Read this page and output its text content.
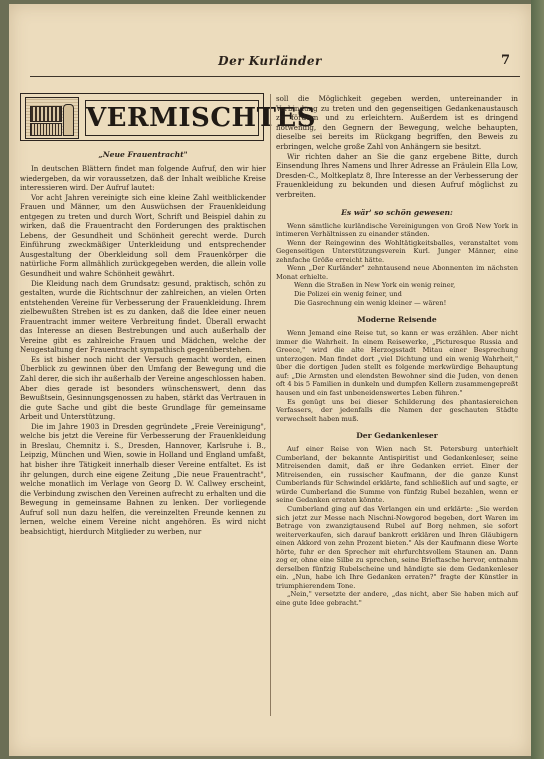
Der Kurländer	7
VERMISCHTES
„Neue Frauentracht"

In deutschen Blättern findet man folgende Aufruf, den wir hier wiedergeben, da wir voraussetzen, daß der Inhalt weibliche Kreise interessieren wird. Der Aufruf lautet:

Vor acht Jahren vereinigte sich eine kleine Zahl weitblickender Frauen und Männer, um den Auswüchsen der Frauenkleidung entgegen zu treten und durch Wort, Schrift und Beispiel dahin zu wirken, daß die Frauentracht den Forderungen des praktischen Lebens, der Gesundheit und Schönheit gerecht werde. Durch Einführung zweckmäßiger Unterkleidung und entsprechender Ausgestaltung der Oberkleidung soll dem Frauenkörper die natürliche Form allmählich zurückgegeben werden, die allein volle Gesundheit und wahre Schönheit gewährt.

Die Kleidung nach dem Grundsatz: gesund, praktisch, schön zu gestalten, wurde die Richtschnur der zahlreichen, an vielen Orten entstehenden Vereine für Verbesserung der Frauenkleidung. Ihrem zielbewußten Streben ist es zu danken, daß die Idee einer neuen Frauentracht immer weitere Verbreitung findet. Überall erwacht das Interesse an diesen Bestrebungen und auch außerhalb der Vereine gibt es zahlreiche Frauen und Mädchen, welche der Neugestaltung der Frauentracht sympathisch gegenüberstehen.

Es ist bisher noch nicht der Versuch gemacht worden, einen Überblick zu gewinnen über den Umfang der Bewegung und die Zahl derer, die sich ihr außerhalb der Vereine angeschlossen haben. Aber dies gerade ist besonders wünschenswert, denn das Bewußtsein, Gesinnungsgenossen zu haben, stärkt das Vertrauen in die gute Sache und gibt die beste Grundlage für gemeinsame Arbeit und Unterstützung.

Die im Jahre 1903 in Dresden gegründete „Freie Vereinigung", welche bis jetzt die Vereine für Verbesserung der Frauenkleidung in Breslau, Chemnitz i. S., Dresden, Hannover, Karlsruhe i. B., Leipzig, München und Wien, sowie in Holland und England umfaßt, hat bisher ihre Tätigkeit innerhalb dieser Vereine entfaltet. Es ist ihr gelungen, durch eine eigene Zeitung „Die neue Frauentracht", welche monatlich im Verlage von Georg D. W. Callwey erscheint, die Verbindung zwischen den Vereinen aufrecht zu erhalten und die Bewegung in gemeinsame Bahnen zu lenken. Der vorliegende Aufruf soll nun dazu helfen, die vereinzelten Freunde kennen zu lernen, welche einem Vereine nicht angehören. Es wird nicht beabsichtigt, hierdurch Mitglieder zu werben, nur

soll die Möglichkeit gegeben werden, untereinander in Verbindung zu treten und den gegenseitigen Gedankenaustausch zu fördern und zu erleichtern. Außerdem ist es dringend notwendig, den Gegnern der Bewegung, welche behaupten, dieselbe sei bereits im Rückgang begriffen, den Beweis zu erbringen, welche große Zahl von Anhängern sie besitzt.

Wir richten daher an Sie die ganz ergebene Bitte, durch Einsendung Ihres Namens und Ihrer Adresse an Fräulein Ella Low, Dresden-C., Moltkeplatz 8, Ihre Interesse an der Verbesserung der Frauenkleidung zu bekunden und diesen Aufruf möglichst zu verbreiten.

Es wär' so schön gewesen:

Wenn sämtliche kurländische Vereinigungen von Groß New York in intimeren Verhältnissen zu einander ständen.

Wenn der Reingewinn des Wohltätigkeitsballes, veranstaltet vom Gegenseitigen Unterstützungsverein Kurl. Junger Männer, eine zehnfache Größe erreicht hätte.

Wenn „Der Kurländer" zehntausend neue Abonnenten im nächsten Monat erhielte.

Wenn die Straßen in New York ein wenig reiner,
Die Polizei ein wenig feiner, und
Die Gasrechnung ein wenig kleiner — wären!
Moderne Reisende

Wenn Jemand eine Reise tut, so kann er was erzählen. Aber nicht immer die Wahrheit. In einem Reisewerke, „Picturesque Russia and Greece," wird die alte Herzogsstadt Mitau einer Besprechung unterzogen. Man findet dort „viel Dichtung und ein wenig Wahrheit," über die dortigen Juden stellt es folgende merkwürdige Behauptung auf: „Die Armsten und elendsten Bewohner sind die Juden, von denen oft 4 bis 5 Familien in dunkeln und dumpfen Kellern zusammengepreßt hausen und ein fast unbeneidenswertes Leben führen."

Es genügt uns bei dieser Schilderung des phantasiereichen Verfassers, der jedenfalls die Namen der geschauten Städte verwechselt haben muß.

Der Gedankenleser

Auf einer Reise von Wien nach St. Petersburg unterhielt Cumberland, der bekannte Antispiritist und Gedankenleser, seine Mitreisenden damit, daß er ihre Gedanken erriet. Einer der Mitreisenden, ein russischer Kaufmann, der die ganze Kunst Cumberlands für Schwindel erklärte, fand schließlich auf und sagte, er würde Cumberland die Summe von fünfzig Rubel bezahlen, wenn er seine Gedanken erraten könnte.

Cumberland ging auf das Verlangen ein und erklärte: „Sie werden sich jetzt zur Messe nach Nischni-Nowgorod begeben, dort Waren im Betrage von zwanzigtausend Rubel auf Borg nehmen, sie sofort weiterverkaufen, sich darauf bankrott erklären und Ihren Gläubigern einen Akkord von zehn Prozent bieten." Als der Kaufmann diese Worte hörte, fuhr er den Sprecher mit ehrfurchtsvollem Staunen an. Dann zog er, ohne eine Silbe zu sprechen, seine Brieftasche hervor, entnahm derselben fünfzig Rubelscheine und händigte sie dem Gedankenleser ein. „Nun, habe ich Ihre Gedanken erraten?" fragte der Künstler in triumphierendem Tone.

„Nein," versetzte der andere, „das nicht, aber Sie haben mich auf eine gute Idee gebracht."
